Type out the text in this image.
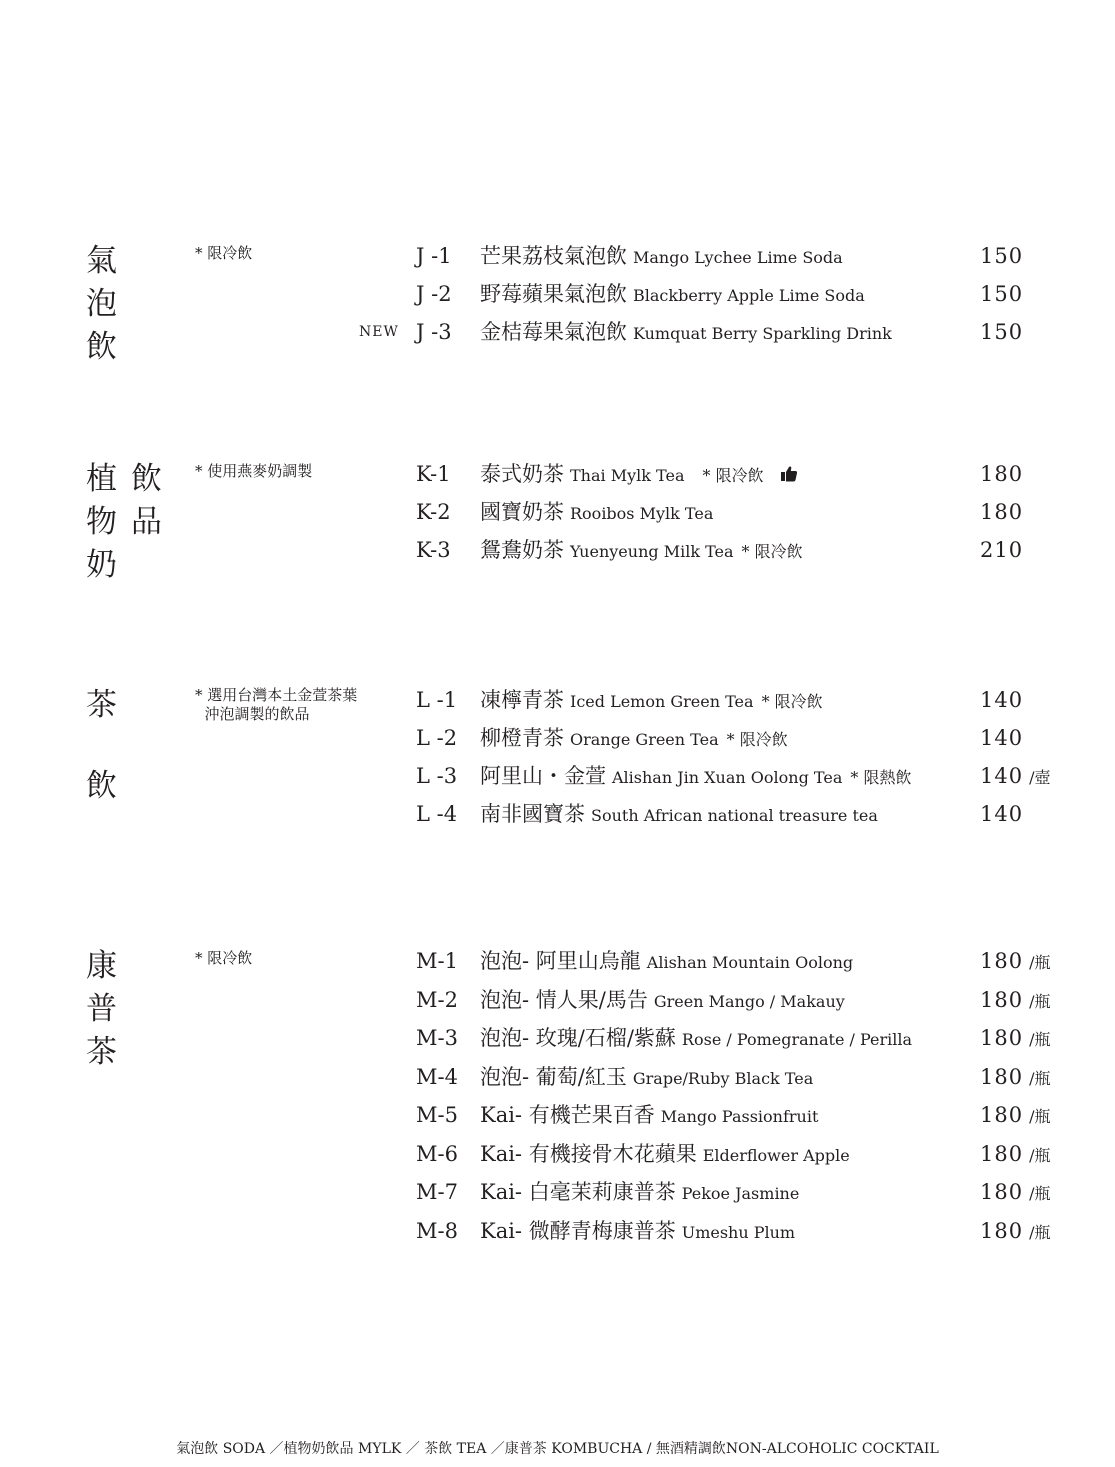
氣
泡
飲
* 限冷飲	J -1 芒果荔枝氣泡飲 Mango Lychee Lime Soda	150
J -2 野莓蘋果氣泡飲 Blackberry Apple Lime Soda	150
NEW J -3 金桔莓果氣泡飲 Kumquat Berry Sparkling Drink	150
植
物
奶
飲
品
* 使用燕麥奶調製	K-1 泰式奶茶 Thai Mylk Tea * 限冷飲	180
K-2 國寶奶茶 Rooibos Mylk Tea	180
K-3 鴛鴦奶茶 Yuenyeung Milk Tea * 限冷飲	210
茶
飲
* 選用台灣本土金萱茶葉
沖泡調製的飲品
L -1 凍檸青茶 Iced Lemon Green Tea * 限冷飲	140
L -2 柳橙青茶 Orange Green Tea * 限冷飲	140
L -3 阿里山・金萱 Alishan Jin Xuan Oolong Tea * 限熱飲	140 /壺
L -4 南非國寶茶 South African national treasure tea	140
康
普
茶
* 限冷飲	M-1 泡泡- 阿里山烏龍 Alishan Mountain Oolong	180 /瓶
M-2 泡泡- 情人果/馬告 Green Mango / Makauy	180 /瓶
M-3 泡泡- 玫瑰/石榴/紫蘇 Rose / Pomegranate / Perilla	180 /瓶
M-4 泡泡- 葡萄/紅玉 Grape/Ruby Black Tea	180 /瓶
M-5 Kai- 有機芒果百香 Mango Passionfruit	180 /瓶
M-6 Kai- 有機接骨木花蘋果 Elderflower Apple	180 /瓶
M-7 Kai- 白毫茉莉康普茶 Pekoe Jasmine	180 /瓶
M-8 Kai- 微酵青梅康普茶 Umeshu Plum	180 /瓶
氣泡飲 SODA ／植物奶飲品 MYLK ／ 茶飲 TEA ／康普茶 KOMBUCHA / 無酒精調飲NON-ALCOHOLIC COCKTAIL
